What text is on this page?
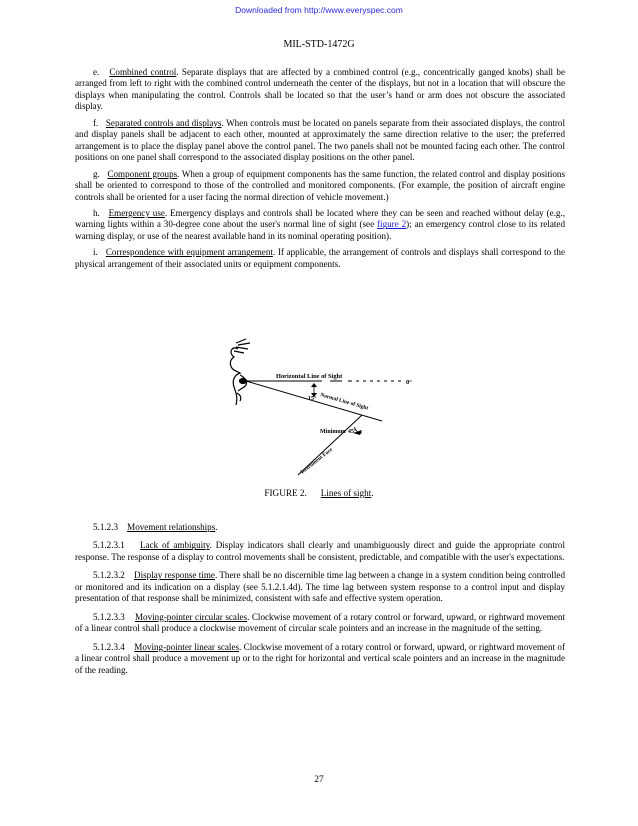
Downloaded from http://www.everyspec.com
MIL-STD-1472G

e. Combined control. Separate displays that are affected by a combined control (e.g., concentrically ganged knobs) shall be arranged from left to right with the combined control underneath the center of the displays, but not in a location that will obscure the displays when manipulating the control. Controls shall be located so that the user’s hand or arm does not obscure the associated display.

f. Separated controls and displays. When controls must be located on panels separate from their associated displays, the control and display panels shall be adjacent to each other, mounted at approximately the same direction relative to the user; the preferred arrangement is to place the display panel above the control panel. The two panels shall not be mounted facing each other. The control positions on one panel shall correspond to the associated display positions on the other panel.

g. Component groups. When a group of equipment components has the same function, the related control and display positions shall be oriented to correspond to those of the controlled and monitored components. (For example, the position of aircraft engine controls shall be oriented for a user facing the normal direction of vehicle movement.)

h. Emergency use. Emergency displays and controls shall be located where they can be seen and reached without delay (e.g., warning lights within a 30-degree cone about the user's normal line of sight (see figure 2); an emergency control close to its related warning display, or use of the nearest available hand in its nominal operating position).

i. Correspondence with equipment arrangement. If applicable, the arrangement of controls and displays shall correspond to the physical arrangement of their associated units or equipment components.

Horizontal Line of Sight
0°
15° Normal Line of Sight
Minimum 45°
Instrument Face
FIGURE 2. Lines of sight.

5.1.2.3 Movement relationships.

5.1.2.3.1 Lack of ambiguity. Display indicators shall clearly and unambiguously direct and guide the appropriate control response. The response of a display to control movements shall be consistent, predictable, and compatible with the user's expectations.

5.1.2.3.2 Display response time. There shall be no discernible time lag between a change in a system condition being controlled or monitored and its indication on a display (see 5.1.2.1.4d). The time lag between system response to a control input and display presentation of that response shall be minimized, consistent with safe and effective system operation.

5.1.2.3.3 Moving-pointer circular scales. Clockwise movement of a rotary control or forward, upward, or rightward movement of a linear control shall produce a clockwise movement of circular scale pointers and an increase in the magnitude of the setting.

5.1.2.3.4 Moving-pointer linear scales. Clockwise movement of a rotary control or forward, upward, or rightward movement of a linear control shall produce a movement up or to the right for horizontal and vertical scale pointers and an increase in the magnitude of the reading.

27
